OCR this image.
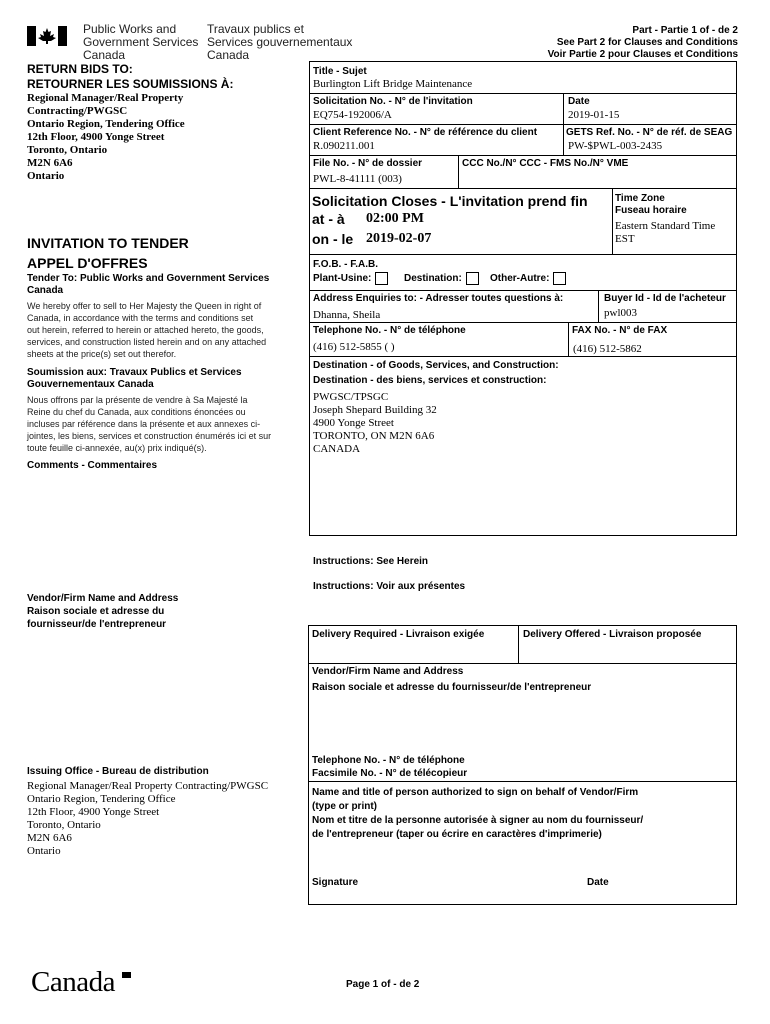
Public Works and
Government Services
Canada
Travaux publics et
Services gouvernementaux
Canada
Part - Partie 1 of - de 2
See Part 2 for Clauses and Conditions
Voir Partie 2 pour Clauses et Conditions
RETURN BIDS TO:
RETOURNER LES SOUMISSIONS À:
Regional Manager/Real Property
Contracting/PWGSC
Ontario Region, Tendering Office
12th Floor, 4900 Yonge Street
Toronto, Ontario
M2N 6A6
Ontario
INVITATION TO TENDER
APPEL D'OFFRES
Tender To: Public Works and Government Services Canada
We hereby offer to sell to Her Majesty the Queen in right of Canada, in accordance with the terms and conditions set out herein, referred to herein or attached hereto, the goods, services, and construction listed herein and on any attached sheets at the price(s) set out therefor.
Soumission aux: Travaux Publics et Services Gouvernementaux Canada
Nous offrons par la présente de vendre à Sa Majesté la Reine du chef du Canada, aux conditions énoncées ou incluses par référence dans la présente et aux annexes ci-jointes, les biens, services et construction énumérés ici et sur toute feuille ci-annexée, au(x) prix indiqué(s).
Comments - Commentaires
Title - Sujet
Burlington Lift Bridge Maintenance
Solicitation No. - N° de l'invitation
EQ754-192006/A
Date
2019-01-15
Client Reference No. - N° de référence du client
R.090211.001
GETS Ref. No. - N° de réf. de SEAG
PW-$PWL-003-2435
File No. - N° de dossier
PWL-8-41111 (003)
CCC No./N° CCC - FMS No./N° VME
Solicitation Closes - L'invitation prend fin
at - à 02:00 PM
on - le 2019-02-07
Time Zone
Fuseau horaire
Eastern Standard Time
EST
F.O.B. - F.A.B.
Plant-Usine:	Destination:	Other-Autre:
Address Enquiries to: - Adresser toutes questions à:
Dhanna, Sheila
Buyer Id - Id de l'acheteur
pwl003
Telephone No. - N° de téléphone
(416) 512-5855 ( )
FAX No. - N° de FAX
(416) 512-5862
Destination - of Goods, Services, and Construction:
Destination - des biens, services et construction:
PWGSC/TPSGC
Joseph Shepard Building 32
4900 Yonge Street
TORONTO, ON M2N 6A6
CANADA
Instructions: See Herein
Instructions: Voir aux présentes
Vendor/Firm Name and Address
Raison sociale et adresse du
fournisseur/de l'entrepreneur
Delivery Required - Livraison exigée	Delivery Offered - Livraison proposée
Vendor/Firm Name and Address
Raison sociale et adresse du fournisseur/de l'entrepreneur
Telephone No. - N° de téléphone
Facsimile No. - N° de télécopieur
Name and title of person authorized to sign on behalf of Vendor/Firm
(type or print)
Nom et titre de la personne autorisée à signer au nom du fournisseur/
de l'entrepreneur (taper ou écrire en caractères d'imprimerie)
Signature	Date
Issuing Office - Bureau de distribution
Regional Manager/Real Property Contracting/PWGSC
Ontario Region, Tendering Office
12th Floor, 4900 Yonge Street
Toronto, Ontario
M2N 6A6
Ontario
Canada	Page 1 of - de 2
